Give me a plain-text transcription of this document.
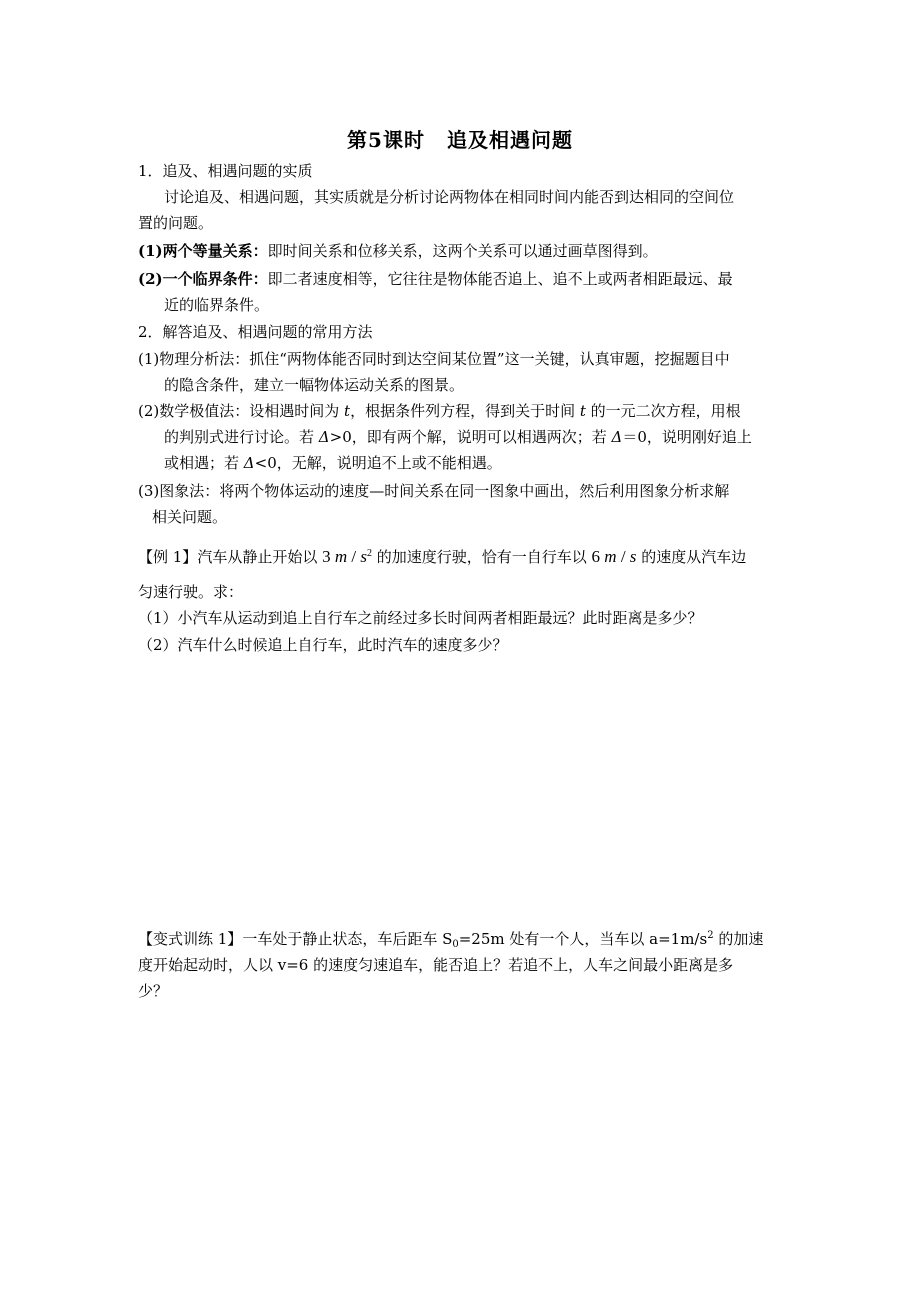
第5课时 追及相遇问题
1．追及、相遇问题的实质
讨论追及、相遇问题，其实质就是分析讨论两物体在相同时间内能否到达相同的空间位
置的问题。
(1)两个等量关系：即时间关系和位移关系，这两个关系可以通过画草图得到。
(2)一个临界条件：即二者速度相等，它往往是物体能否追上、追不上或两者相距最远、最
近的临界条件。
2．解答追及、相遇问题的常用方法
(1)物理分析法：抓住“两物体能否同时到达空间某位置”这一关键，认真审题，挖掘题目中
的隐含条件，建立一幅物体运动关系的图景。
(2)数学极值法：设相遇时间为 t，根据条件列方程，得到关于时间 t 的一元二次方程，用根
的判别式进行讨论。若 Δ>0，即有两个解，说明可以相遇两次；若 Δ＝0，说明刚好追上
或相遇；若 Δ<0，无解，说明追不上或不能相遇。
(3)图象法：将两个物体运动的速度—时间关系在同一图象中画出，然后利用图象分析求解
相关问题。
【例 1】汽车从静止开始以 3 m / $s^2$ 的加速度行驶，恰有一自行车以 6 m / s 的速度从汽车边
匀速行驶。求：
（1）小汽车从运动到追上自行车之前经过多长时间两者相距最远？此时距离是多少？
（2）汽车什么时候追上自行车，此时汽车的速度多少？
【变式训练 1】一车处于静止状态，车后距车 $S_0=25m$ 处有一个人，当车以 $a=1m/s^2$ 的加速
度开始起动时，人以 v=6 的速度匀速追车，能否追上？若追不上，人车之间最小距离是多
少？
